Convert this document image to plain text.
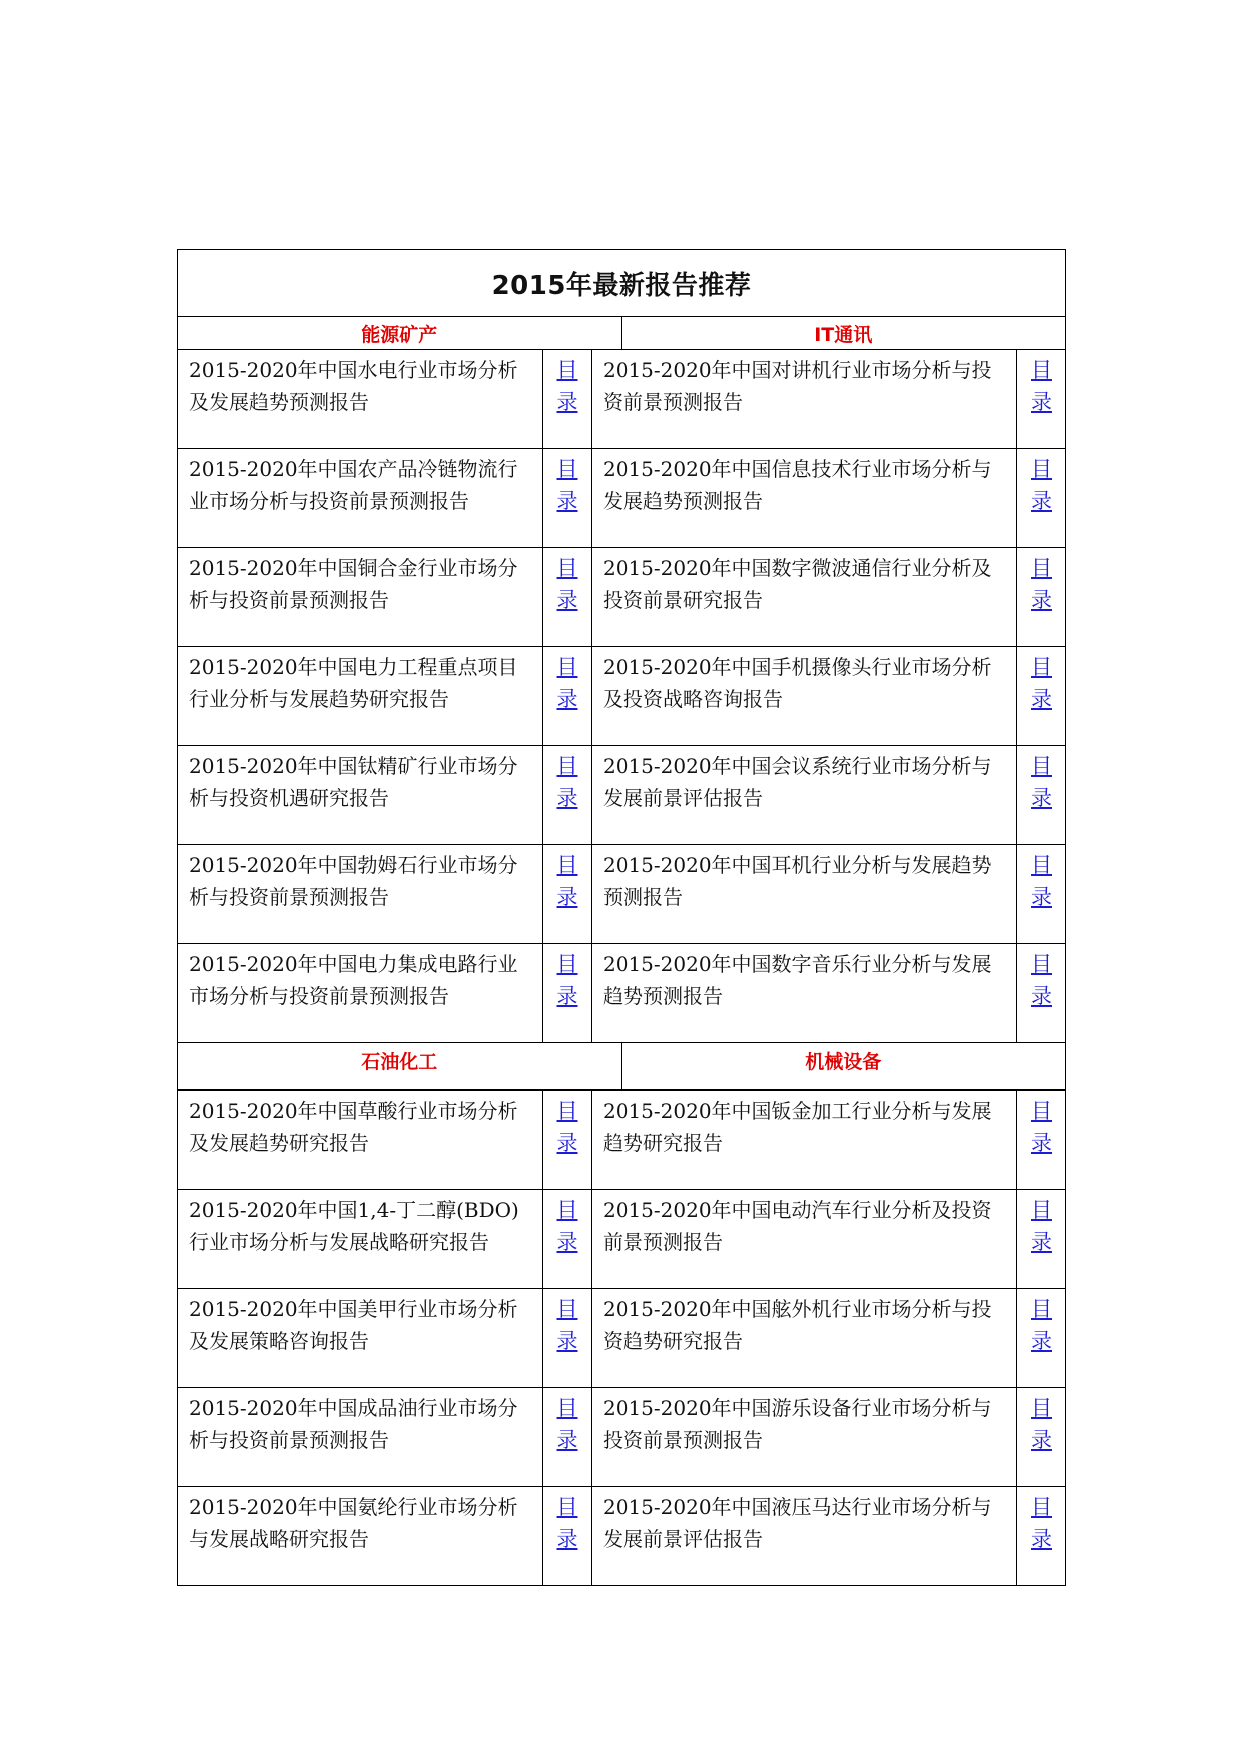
2015年最新报告推荐
能源矿产	IT通讯
2015-2020年中国水电行业市场分析及发展趋势预测报告
目
录
2015-2020年中国对讲机行业市场分析与投资前景预测报告
目
录
2015-2020年中国农产品冷链物流行业市场分析与投资前景预测报告
目
录
2015-2020年中国信息技术行业市场分析与发展趋势预测报告
目
录
2015-2020年中国铜合金行业市场分析与投资前景预测报告
目
录
2015-2020年中国数字微波通信行业分析及投资前景研究报告
目
录
2015-2020年中国电力工程重点项目行业分析与发展趋势研究报告
目
录
2015-2020年中国手机摄像头行业市场分析及投资战略咨询报告
目
录
2015-2020年中国钛精矿行业市场分析与投资机遇研究报告
目
录
2015-2020年中国会议系统行业市场分析与发展前景评估报告
目
录
2015-2020年中国勃姆石行业市场分析与投资前景预测报告
目
录
2015-2020年中国耳机行业分析与发展趋势预测报告
目
录
2015-2020年中国电力集成电路行业市场分析与投资前景预测报告
目
录
2015-2020年中国数字音乐行业分析与发展趋势预测报告
目
录
石油化工	机械设备
2015-2020年中国草酸行业市场分析及发展趋势研究报告
目
录
2015-2020年中国钣金加工行业分析与发展趋势研究报告
目
录
2015-2020年中国1,4-丁二醇(BDO)行业市场分析与发展战略研究报告
目
录
2015-2020年中国电动汽车行业分析及投资前景预测报告
目
录
2015-2020年中国美甲行业市场分析及发展策略咨询报告
目
录
2015-2020年中国舷外机行业市场分析与投资趋势研究报告
目
录
2015-2020年中国成品油行业市场分析与投资前景预测报告
目
录
2015-2020年中国游乐设备行业市场分析与投资前景预测报告
目
录
2015-2020年中国氨纶行业市场分析与发展战略研究报告
目
录
2015-2020年中国液压马达行业市场分析与发展前景评估报告
目
录
